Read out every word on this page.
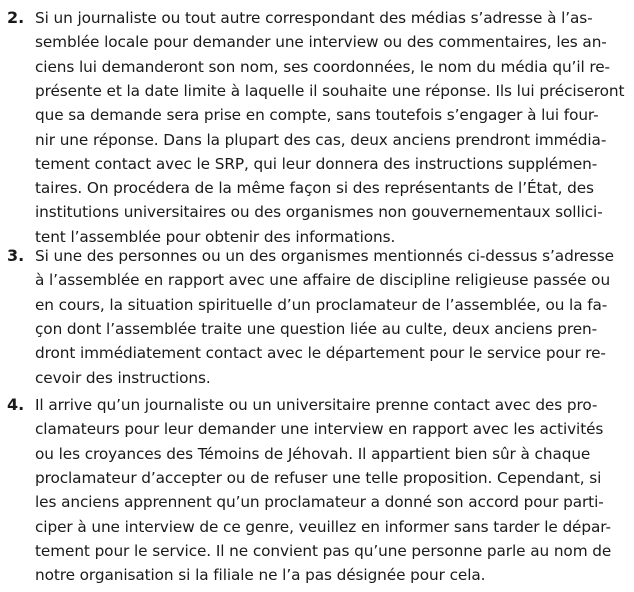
2. Si un journaliste ou tout autre correspondant des médias s’adresse à l’as-
semblée locale pour demander une interview ou des commentaires, les an-
ciens lui demanderont son nom, ses coordonnées, le nom du média qu’il re-
présente et la date limite à laquelle il souhaite une réponse. Ils lui préciseront
que sa demande sera prise en compte, sans toutefois s’engager à lui four-
nir une réponse. Dans la plupart des cas, deux anciens prendront immédia-
tement contact avec le SRP, qui leur donnera des instructions supplémen-
taires. On procédera de la même façon si des représentants de l’État, des
institutions universitaires ou des organismes non gouvernementaux sollici-
tent l’assemblée pour obtenir des informations.
3. Si une des personnes ou un des organismes mentionnés ci-dessus s’adresse
à l’assemblée en rapport avec une affaire de discipline religieuse passée ou
en cours, la situation spirituelle d’un proclamateur de l’assemblée, ou la fa-
çon dont l’assemblée traite une question liée au culte, deux anciens pren-
dront immédiatement contact avec le département pour le service pour re-
cevoir des instructions.
4. Il arrive qu’un journaliste ou un universitaire prenne contact avec des pro-
clamateurs pour leur demander une interview en rapport avec les activités
ou les croyances des Témoins de Jéhovah. Il appartient bien sûr à chaque
proclamateur d’accepter ou de refuser une telle proposition. Cependant, si
les anciens apprennent qu’un proclamateur a donné son accord pour parti-
ciper à une interview de ce genre, veuillez en informer sans tarder le dépar-
tement pour le service. Il ne convient pas qu’une personne parle au nom de
notre organisation si la filiale ne l’a pas désignée pour cela.
